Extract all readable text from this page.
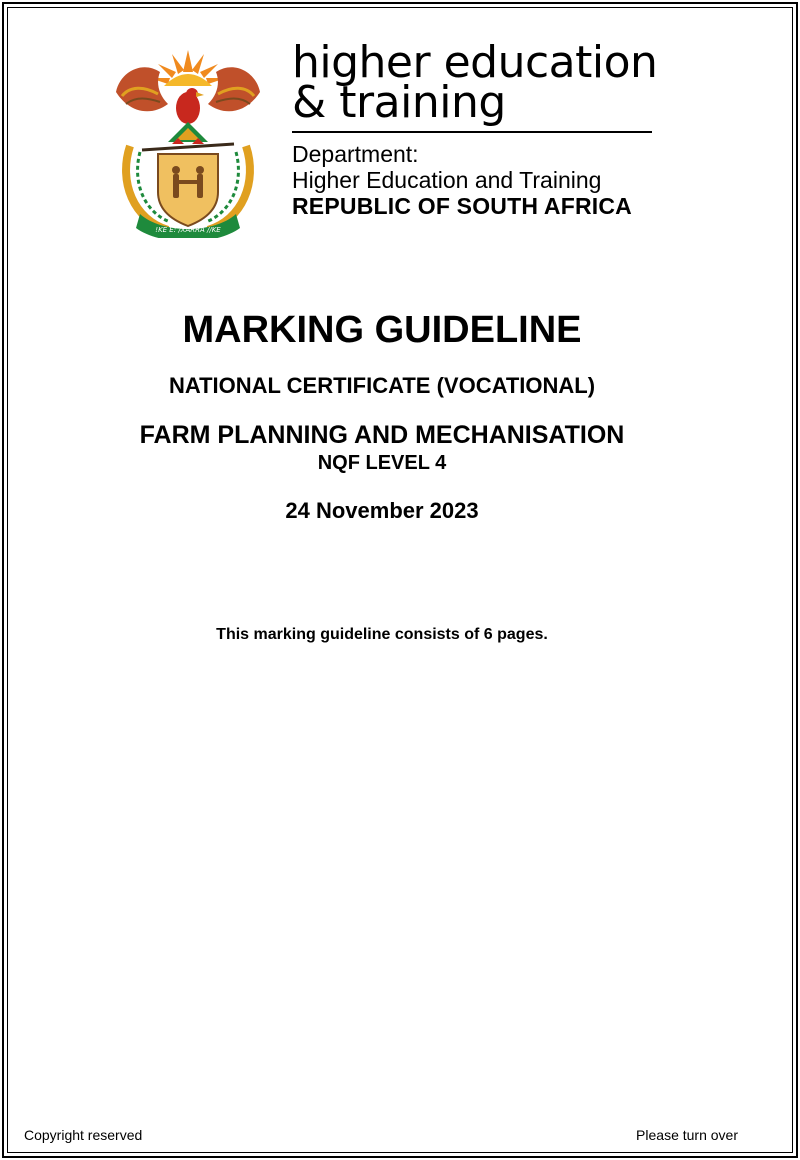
!KE E: /XARRA //KE
higher education
& training
Department:
Higher Education and Training
REPUBLIC OF SOUTH AFRICA
MARKING GUIDELINE
NATIONAL CERTIFICATE (VOCATIONAL)
FARM PLANNING AND MECHANISATION
NQF LEVEL 4
24 November 2023
This marking guideline consists of 6 pages.
Copyright reserved	Please turn over
